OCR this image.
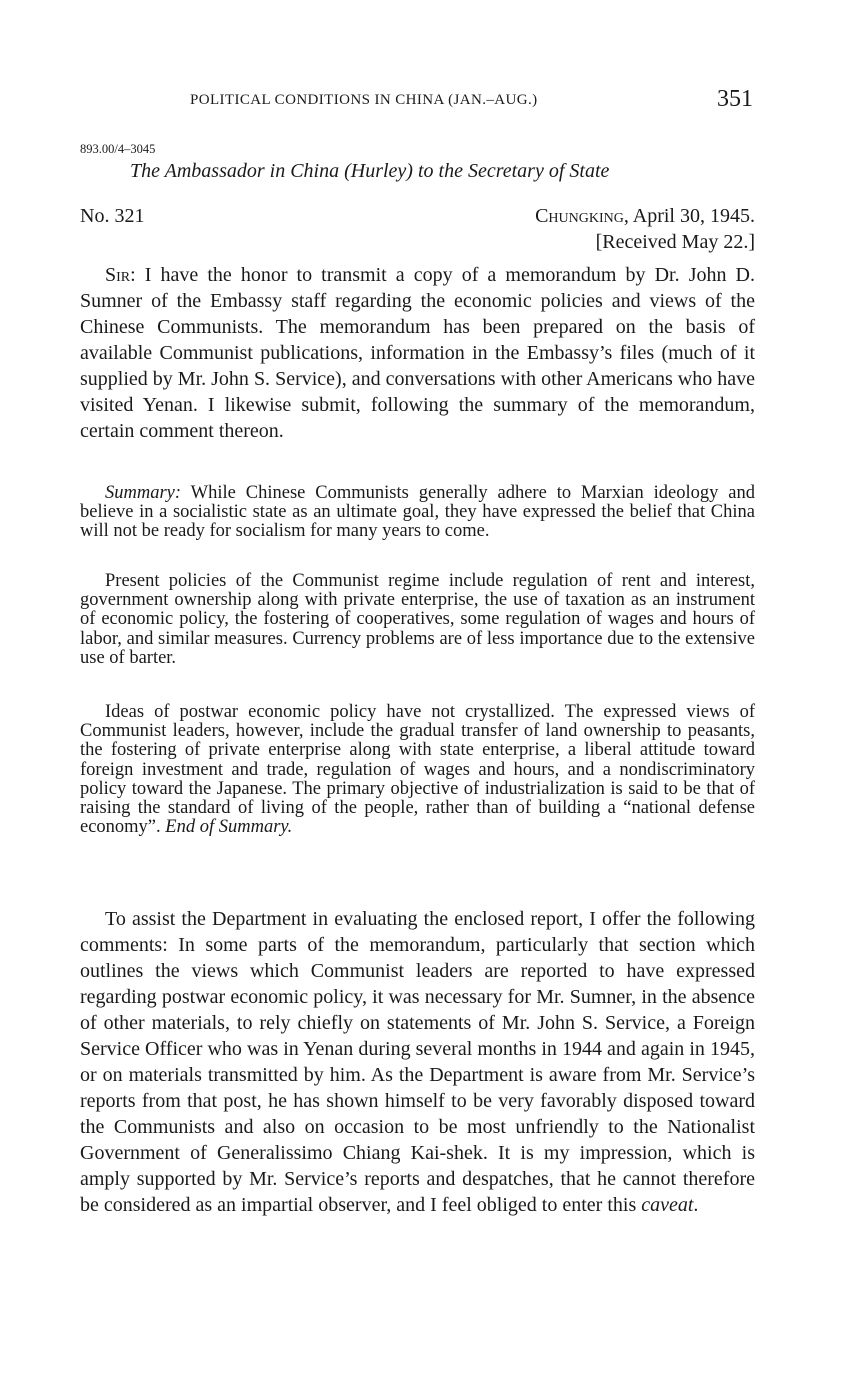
POLITICAL CONDITIONS IN CHINA (JAN.–AUG.)	351
893.00/4–3045
The Ambassador in China (Hurley) to the Secretary of State
No. 321	Chungking, April 30, 1945.
[Received May 22.]

Sir: I have the honor to transmit a copy of a memorandum by Dr. John D. Sumner of the Embassy staff regarding the economic policies and views of the Chinese Communists. The memorandum has been prepared on the basis of available Communist publications, information in the Embassy’s files (much of it supplied by Mr. John S. Service), and conversations with other Americans who have visited Yenan. I likewise submit, following the summary of the memorandum, certain comment thereon.

Summary: While Chinese Communists generally adhere to Marxian ideology and believe in a socialistic state as an ultimate goal, they have expressed the belief that China will not be ready for socialism for many years to come.

Present policies of the Communist regime include regulation of rent and interest, government ownership along with private enterprise, the use of taxation as an instrument of economic policy, the fostering of cooperatives, some regulation of wages and hours of labor, and similar measures. Currency problems are of less importance due to the extensive use of barter.

Ideas of postwar economic policy have not crystallized. The expressed views of Communist leaders, however, include the gradual transfer of land ownership to peasants, the fostering of private enterprise along with state enterprise, a liberal attitude toward foreign investment and trade, regulation of wages and hours, and a nondiscriminatory policy toward the Japanese. The primary objective of industrialization is said to be that of raising the standard of living of the people, rather than of building a “national defense economy”. End of Summary.

To assist the Department in evaluating the enclosed report, I offer the following comments: In some parts of the memorandum, particularly that section which outlines the views which Communist leaders are reported to have expressed regarding postwar economic policy, it was necessary for Mr. Sumner, in the absence of other materials, to rely chiefly on statements of Mr. John S. Service, a Foreign Service Officer who was in Yenan during several months in 1944 and again in 1945, or on materials transmitted by him. As the Department is aware from Mr. Service’s reports from that post, he has shown himself to be very favorably disposed toward the Communists and also on occasion to be most unfriendly to the Nationalist Government of Generalissimo Chiang Kai-shek. It is my impression, which is amply supported by Mr. Service’s reports and despatches, that he cannot therefore be considered as an impartial observer, and I feel obliged to enter this caveat.
